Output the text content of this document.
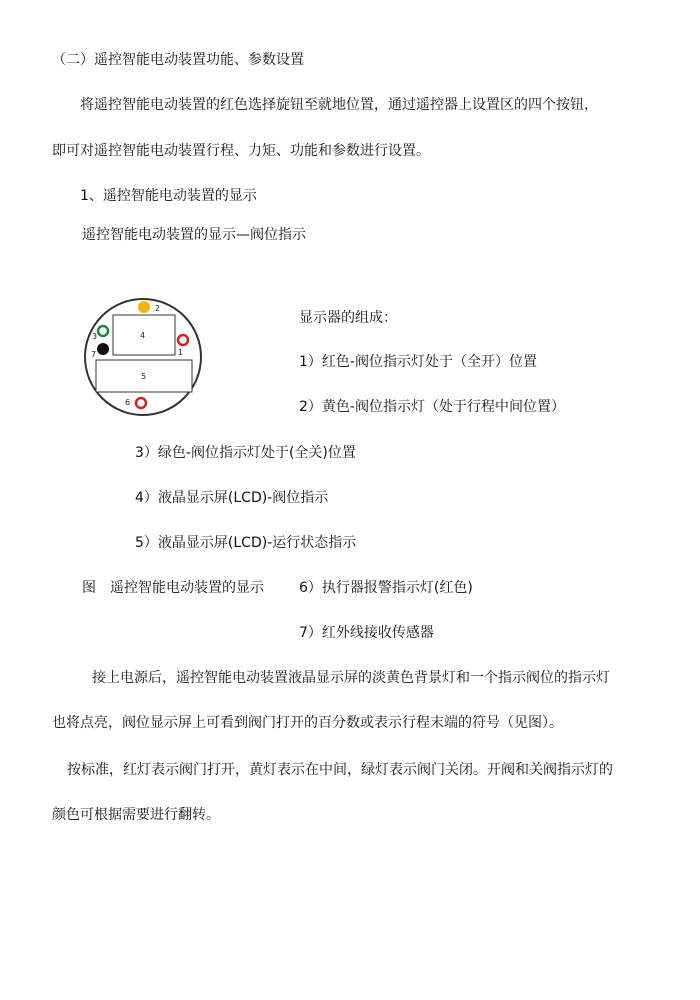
（二）遥控智能电动装置功能、参数设置
将遥控智能电动装置的红色选择旋钮至就地位置，通过遥控器上设置区的四个按钮，
即可对遥控智能电动装置行程、力矩、功能和参数进行设置。
1、遥控智能电动装置的显示
遥控智能电动装置的显示—阀位指示
2
4
3
1
7
5
6
显示器的组成：
1）红色-阀位指示灯处于（全开）位置
2）黄色-阀位指示灯（处于行程中间位置）
3）绿色-阀位指示灯处于(全关)位置
4）液晶显示屏(LCD)-阀位指示
5）液晶显示屏(LCD)-运行状态指示
图　遥控智能电动装置的显示	6）执行器报警指示灯(红色)
7）红外线接收传感器
接上电源后，遥控智能电动装置液晶显示屏的淡黄色背景灯和一个指示阀位的指示灯
也将点亮，阀位显示屏上可看到阀门打开的百分数或表示行程末端的符号（见图）。
按标准，红灯表示阀门打开，黄灯表示在中间，绿灯表示阀门关闭。开阀和关阀指示灯的
颜色可根据需要进行翻转。
